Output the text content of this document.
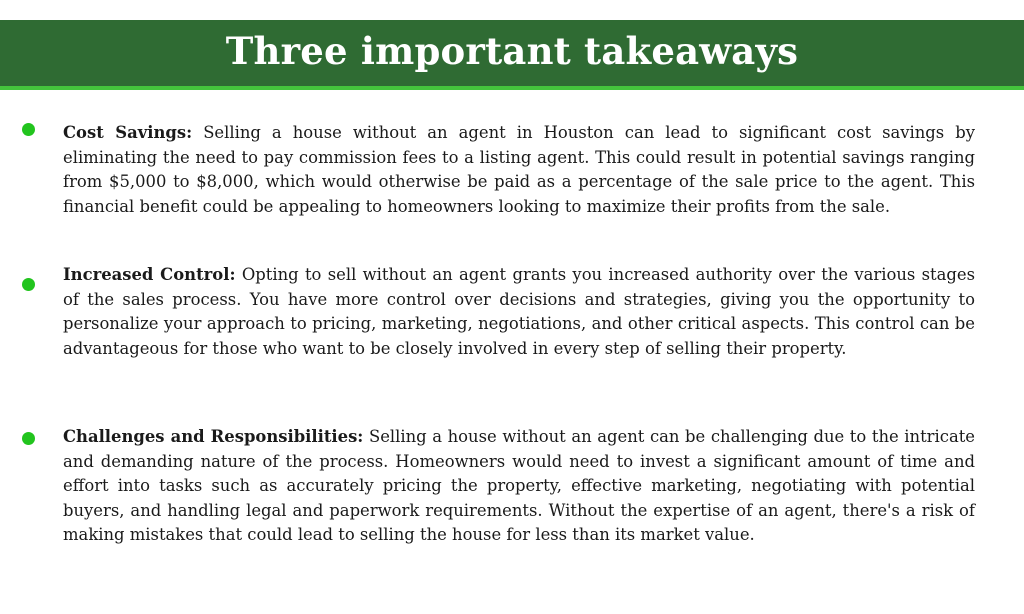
Three important takeaways
Cost Savings: Selling a house without an agent in Houston can lead to significant cost savings by eliminating the need to pay commission fees to a listing agent. This could result in potential savings ranging from $5,000 to $8,000, which would otherwise be paid as a percentage of the sale price to the agent. This financial benefit could be appealing to homeowners looking to maximize their profits from the sale.
Increased Control: Opting to sell without an agent grants you increased authority over the various stages of the sales process. You have more control over decisions and strategies, giving you the opportunity to personalize your approach to pricing, marketing, negotiations, and other critical aspects. This control can be advantageous for those who want to be closely involved in every step of selling their property.
Challenges and Responsibilities: Selling a house without an agent can be challenging due to the intricate and demanding nature of the process. Homeowners would need to invest a significant amount of time and effort into tasks such as accurately pricing the property, effective marketing, negotiating with potential buyers, and handling legal and paperwork requirements. Without the expertise of an agent, there's a risk of making mistakes that could lead to selling the house for less than its market value.
